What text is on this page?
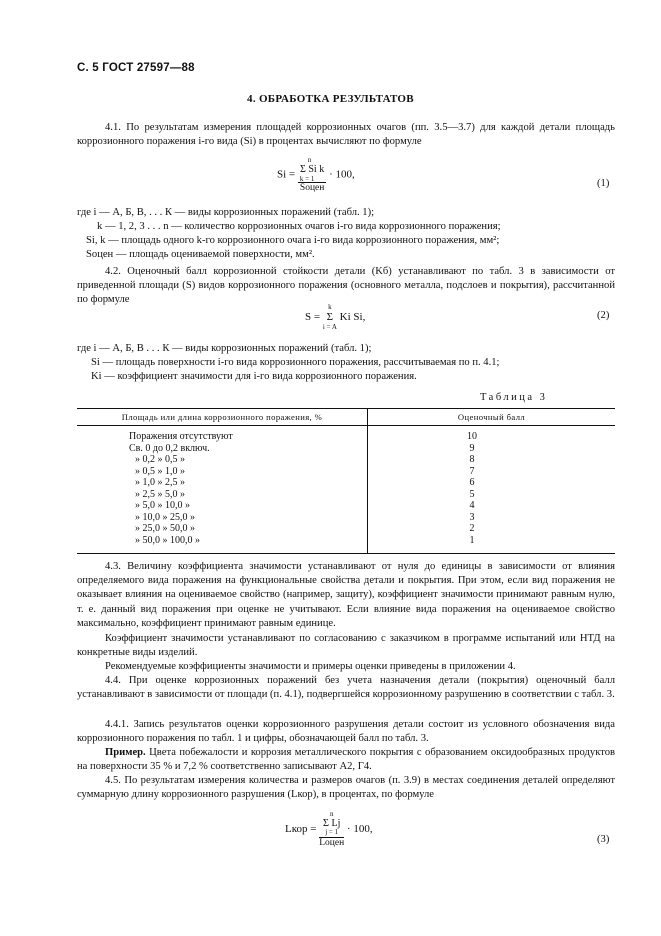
С. 5 ГОСТ 27597—88
4. ОБРАБОТКА РЕЗУЛЬТАТОВ
4.1. По результатам измерения площадей коррозионных очагов (пп. 3.5—3.7) для каждой детали площадь коррозионного поражения i-го вида (Si) в процентах вычисляют по формуле
Si = n
Σ Si k
k = 1
Sоцен · 100,
(1)
где i — А, Б, В, . . . К — виды коррозионных поражений (табл. 1);
k — 1, 2, 3 . . . n — количество коррозионных очагов i-го вида коррозионного поражения;
Si, k — площадь одного k-го коррозионного очага i-го вида коррозионного поражения, мм²;
Sоцен — площадь оцениваемой поверхности, мм².
4.2. Оценочный балл коррозионной стойкости детали (Kб) устанавливают по табл. 3 в зависимости от приведенной площади (S) видов коррозионного поражения (основного металла, подслоев и покрытия), рассчитанной по формуле
S =
k
Σ
i = A
Ki Si,	(2)
где i — А, Б, В . . . К — виды коррозионных поражений (табл. 1);
Si — площадь поверхности i-го вида коррозионного поражения, рассчитываемая по п. 4.1;
Ki — коэффициент значимости для i-го вида коррозионного поражения.
Таблица 3
Площадь или длина коррозионного поражения, %	Оценочный балл
Поражения отсутствуют	10
Св. 0 до 0,2 включ.	9
» 0,2 » 0,5 »	8
» 0,5 » 1,0 »	7
» 1,0 » 2,5 »	6
» 2,5 » 5,0 »	5
» 5,0 » 10,0 »	4
» 10,0 » 25,0 »	3
» 25,0 » 50,0 »	2
» 50,0 » 100,0 »	1
4.3. Величину коэффициента значимости устанавливают от нуля до единицы в зависимости от влияния определяемого вида поражения на функциональные свойства детали и покрытия. При этом, если вид поражения не оказывает влияния на оцениваемое свойство (например, защиту), коэффициент значимости принимают равным нулю, т. е. данный вид поражения при оценке не учитывают. Если влияние вида поражения на оцениваемое свойство максимально, коэффициент принимают равным единице.
Коэффициент значимости устанавливают по согласованию с заказчиком в программе испытаний или НТД на конкретные виды изделий.
Рекомендуемые коэффициенты значимости и примеры оценки приведены в приложении 4.
4.4. При оценке коррозионных поражений без учета назначения детали (покрытия) оценочный балл устанавливают в зависимости от площади (п. 4.1), подвергшейся коррозионному разрушению в соответствии с табл. 3.
4.4.1. Запись результатов оценки коррозионного разрушения детали состоит из условного обозначения вида коррозионного поражения по табл. 1 и цифры, обозначающей балл по табл. 3.
Пример. Цвета побежалости и коррозия металлического покрытия с образованием оксидообразных продуктов на поверхности 35 % и 7,2 % соответственно записывают А2, Г4.
4.5. По результатам измерения количества и размеров очагов (п. 3.9) в местах соединения деталей определяют суммарную длину коррозионного разрушения (Lкор), в процентах, по формуле
Lкор = n
Σ Lj
j = 1
Lоцен · 100,
(3)
